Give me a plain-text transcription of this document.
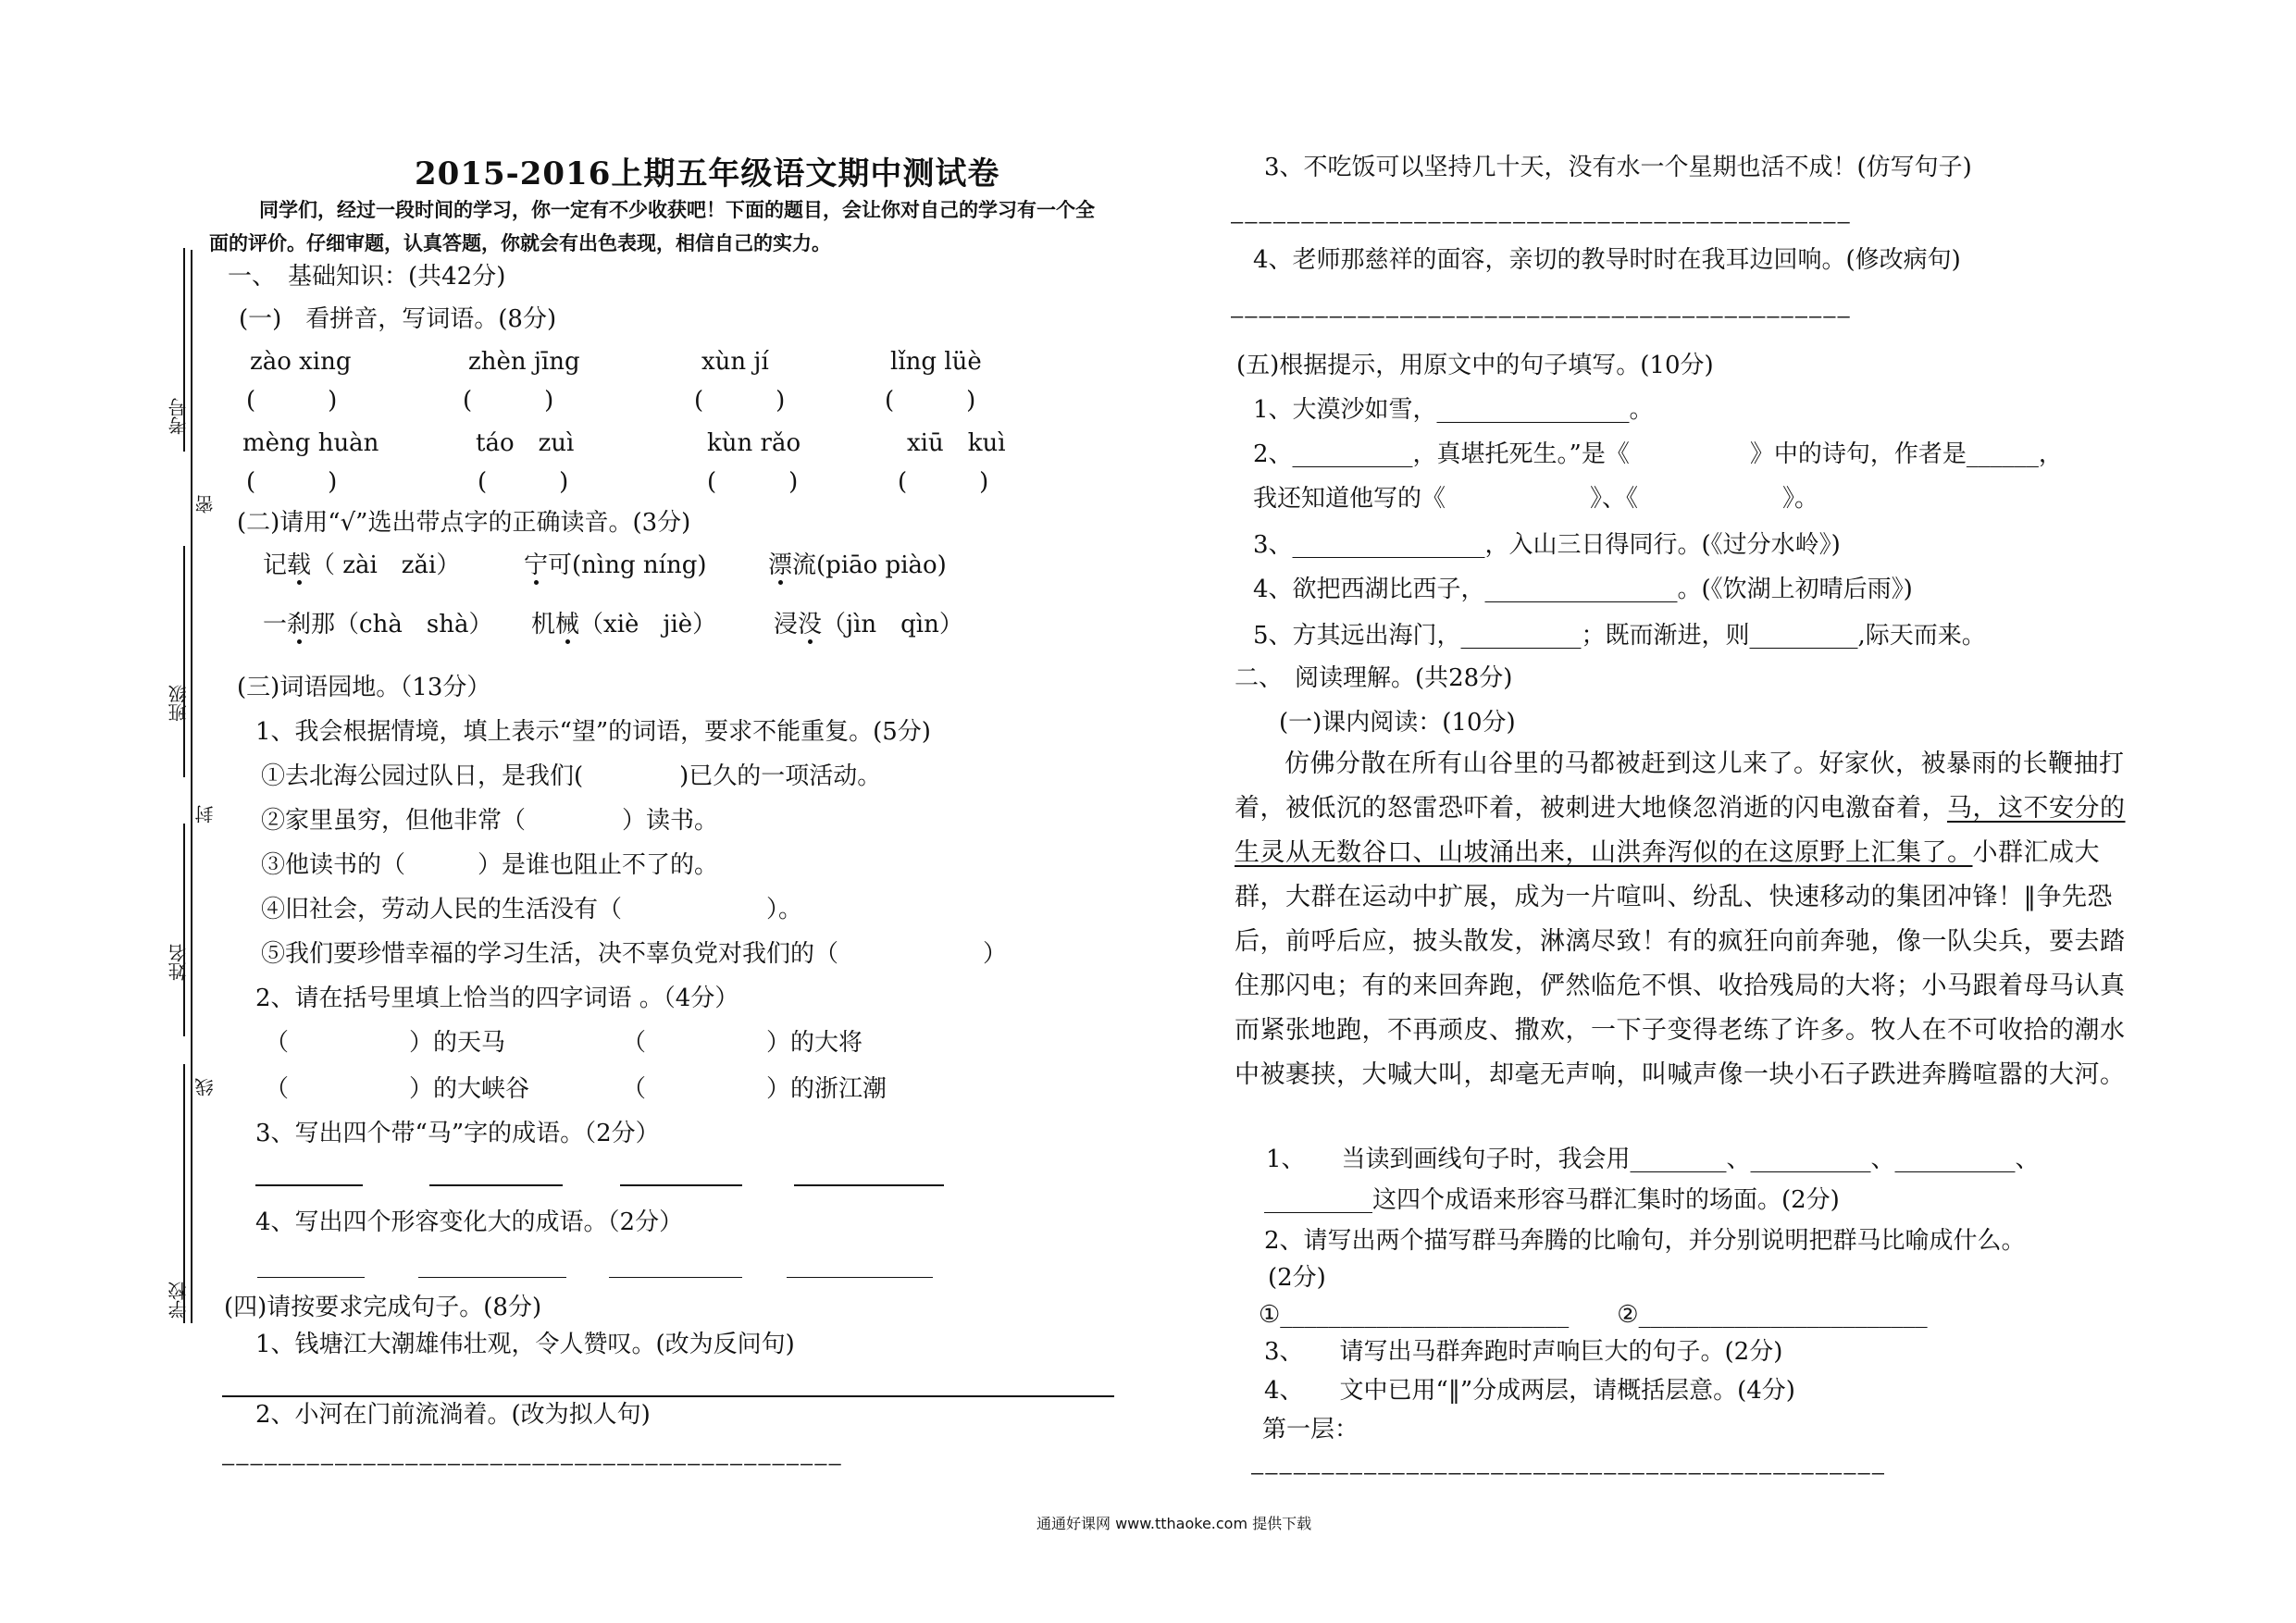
考号
密
班级
封
姓名
线
学校
2015-2016上期五年级语文期中测试卷
同学们，经过一段时间的学习，你一定有不少收获吧！下面的题目，会让你对自己的学习有一个全
面的评价。仔细审题，认真答题，你就会有出色表现，相信自己的实力。
一、　基础知识：(共42分)
(一)　看拼音，写词语。(8分)
zào xing	zhèn jīng	xùn jí	lǐng lüè
(　　　)	(　　　)	(　　　)	(　　　)
mèng huàn	táo　zuì	kùn rǎo	xiū　kuì
(　　　)	(　　　)	(　　　)	(　　　)
(二)请用“√”选出带点字的正确读音。(3分)
记载（ zài　zǎi）	宁可(nìng níng)	漂流(piāo piào)
一刹那（chà　shà） 机械（xiè　jiè） 浸没（jìn　qìn）
(三)词语园地。（13分）
1、我会根据情境，填上表示“望”的词语，要求不能重复。(5分)
①去北海公园过队日，是我们(　　　　)已久的一项活动。
②家里虽穷，但他非常（　　　　）读书。
③他读书的（　　　）是谁也阻止不了的。
④旧社会，劳动人民的生活没有（　　　　　　）。
⑤我们要珍惜幸福的学习生活，决不辜负党对我们的（　　　　　　）
2、请在括号里填上恰当的四字词语 。（4分）
（　　　　　）的天马	（　　　　　）的大将
（　　　　　）的大峡谷	（　　　　　）的浙江潮
3、写出四个带“马”字的成语。（2分）
4、写出四个形容变化大的成语。（2分）
(四)请按要求完成句子。(8分)
1、钱塘江大潮雄伟壮观，令人赞叹。(改为反问句)
2、小河在门前流淌着。(改为拟人句)
————————————————————————————————————————————
3、不吃饭可以坚持几十天，没有水一个星期也活不成！(仿写句子)
————————————————————————————————————————————
4、老师那慈祥的面容，亲切的教导时时在我耳边回响。(修改病句)
————————————————————————————————————————————
(五)根据提示，用原文中的句子填写。(10分)
1、大漠沙如雪，________________。
2、__________，真堪托死生。”是《　　　　　》中的诗句，作者是______，
我还知道他写的《　　　　　　》、《　　　　　　》。
3、________________，入山三日得同行。(《过分水岭》)
4、欲把西湖比西子，________________。(《饮湖上初晴后雨》)
5、方其远出海门，__________；既而渐进，则_________,际天而来。
二、　阅读理解。(共28分)
(一)课内阅读：(10分)
仿佛分散在所有山谷里的马都被赶到这儿来了。好家伙，被暴雨的长鞭抽打着，被低沉的怒雷恐吓着，被刺进大地倏忽消逝的闪电激奋着，马，这不安分的生灵从无数谷口、山坡涌出来，山洪奔泻似的在这原野上汇集了。小群汇成大群，大群在运动中扩展，成为一片喧叫、纷乱、快速移动的集团冲锋！‖争先恐后，前呼后应，披头散发，淋漓尽致！有的疯狂向前奔驰，像一队尖兵，要去踏住那闪电；有的来回奔跑，俨然临危不惧、收拾残局的大将；小马跟着母马认真而紧张地跑，不再顽皮、撒欢，一下子变得老练了许多。牧人在不可收拾的潮水中被裹挟，大喊大叫，却毫无声响，叫喊声像一块小石子跌进奔腾喧嚣的大河。
1、　　当读到画线句子时，我会用________、__________、__________、
_________这四个成语来形容马群汇集时的场面。(2分)
2、请写出两个描写群马奔腾的比喻句，并分别说明把群马比喻成什么。
(2分)
①________________________　　②________________________
3、　　请写出马群奔跑时声响巨大的句子。(2分)
4、　　文中已用“‖”分成两层，请概括层意。(4分)
第一层：
—————————————————————————————————————————————
通通好课网 www.tthaoke.com 提供下载
